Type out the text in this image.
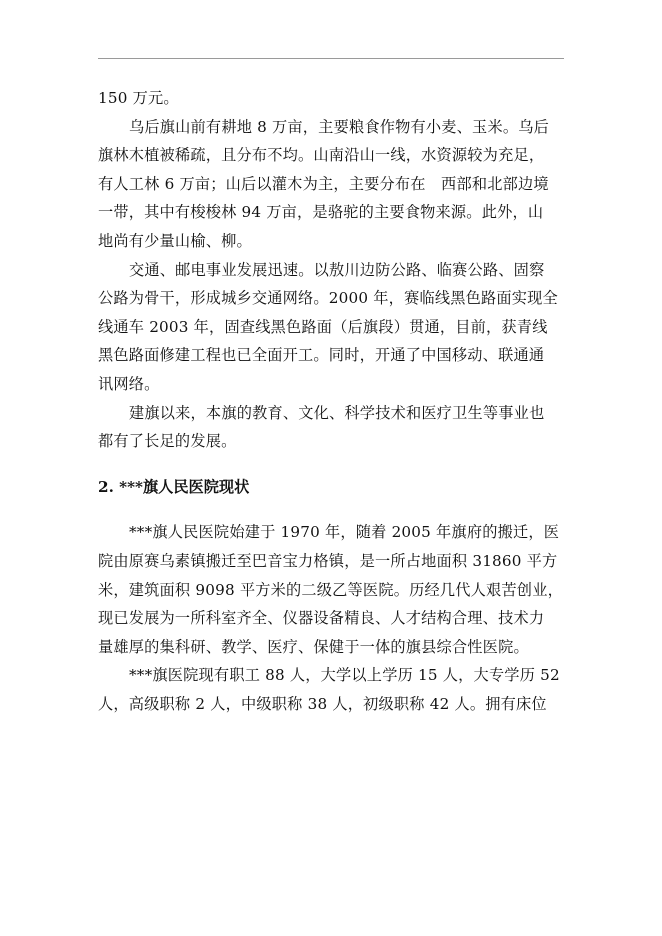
150 万元。
乌后旗山前有耕地 8 万亩，主要粮食作物有小麦、玉米。乌后
旗林木植被稀疏，且分布不均。山南沿山一线，水资源较为充足，
有人工林 6 万亩；山后以灌木为主，主要分布在　西部和北部边境
一带，其中有梭梭林 94 万亩，是骆驼的主要食物来源。此外，山
地尚有少量山榆、柳。
交通、邮电事业发展迅速。以敖川边防公路、临赛公路、固察
公路为骨干，形成城乡交通网络。2000 年，赛临线黑色路面实现全
线通车 2003 年，固查线黑色路面（后旗段）贯通，目前，获青线
黑色路面修建工程也已全面开工。同时，开通了中国移动、联通通
讯网络。
建旗以来，本旗的教育、文化、科学技术和医疗卫生等事业也
都有了长足的发展。
2. ***旗人民医院现状
***旗人民医院始建于 1970 年，随着 2005 年旗府的搬迁，医
院由原赛乌素镇搬迁至巴音宝力格镇，是一所占地面积 31860 平方
米，建筑面积 9098 平方米的二级乙等医院。历经几代人艰苦创业，
现已发展为一所科室齐全、仪器设备精良、人才结构合理、技术力
量雄厚的集科研、教学、医疗、保健于一体的旗县综合性医院。
***旗医院现有职工 88 人，大学以上学历 15 人，大专学历 52
人，高级职称 2 人，中级职称 38 人，初级职称 42 人。拥有床位
